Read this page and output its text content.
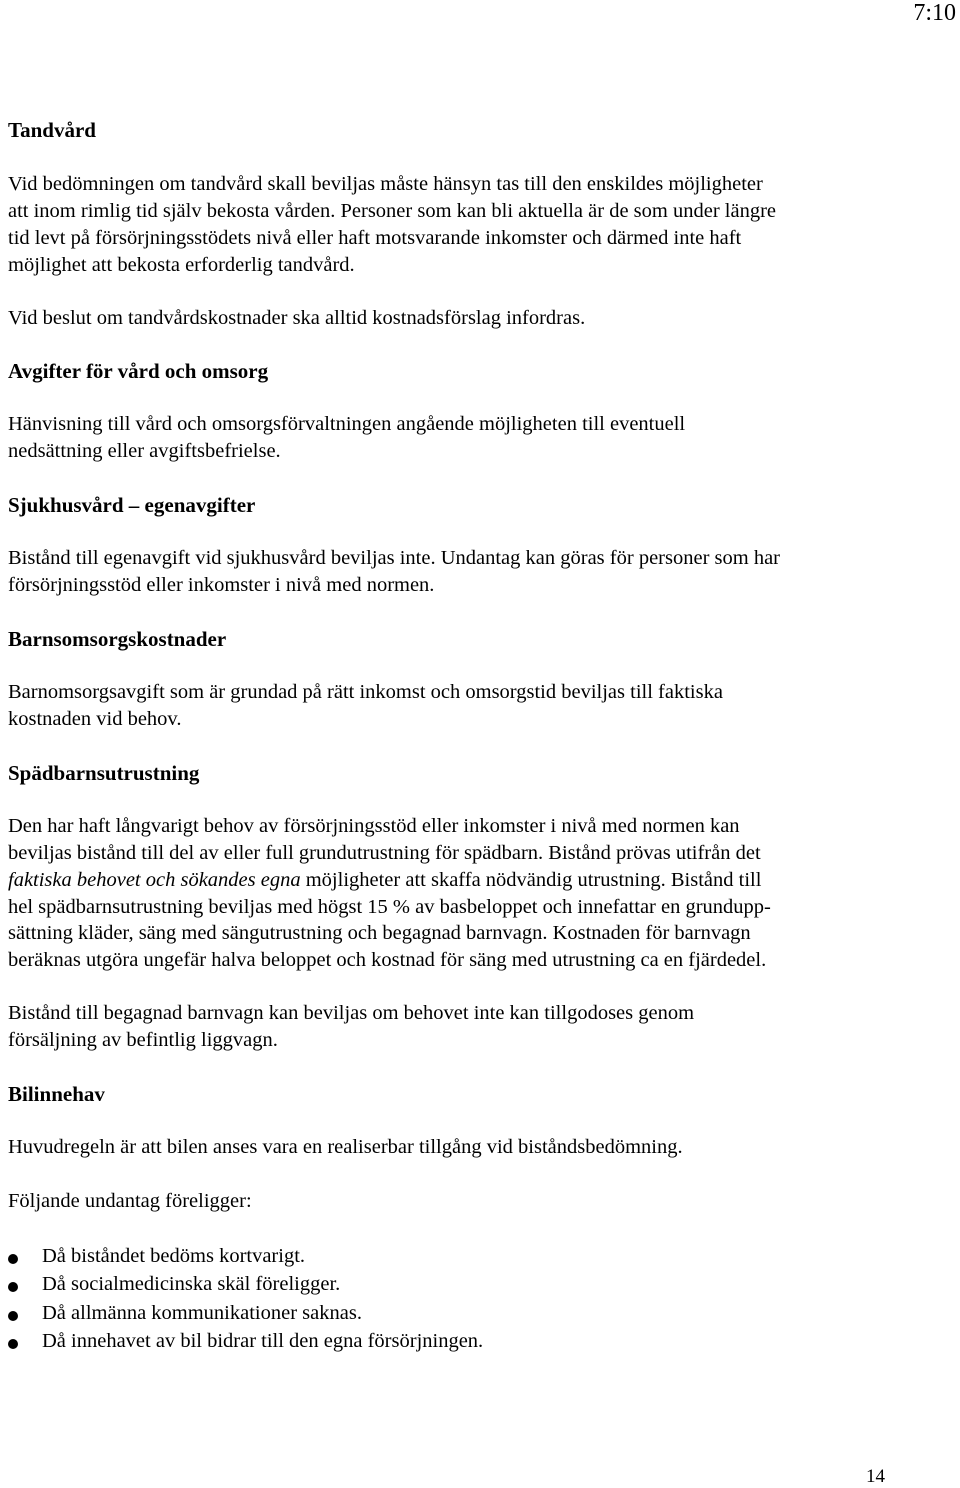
7:10
Tandvård
Vid bedömningen om tandvård skall beviljas måste hänsyn tas till den enskildes möjligheter
att inom rimlig tid själv bekosta vården. Personer som kan bli aktuella är de som under längre
tid levt på försörjningsstödets nivå eller haft motsvarande inkomster och därmed inte haft
möjlighet att bekosta erforderlig tandvård.
Vid beslut om tandvårdskostnader ska alltid kostnadsförslag infordras.
Avgifter för vård och omsorg
Hänvisning till vård och omsorgsförvaltningen angående möjligheten till eventuell
nedsättning eller avgiftsbefrielse.
Sjukhusvård – egenavgifter
Bistånd till egenavgift vid sjukhusvård beviljas inte. Undantag kan göras för personer som har
försörjningsstöd eller inkomster i nivå med normen.
Barnsomsorgskostnader
Barnomsorgsavgift som är grundad på rätt inkomst och omsorgstid beviljas till faktiska
kostnaden vid behov.
Spädbarnsutrustning
Den har haft långvarigt behov av försörjningsstöd eller inkomster i nivå med normen kan
beviljas bistånd till del av eller full grundutrustning för spädbarn. Bistånd prövas utifrån det
faktiska behovet och sökandes egna möjligheter att skaffa nödvändig utrustning. Bistånd till
hel spädbarnsutrustning beviljas med högst 15 % av basbeloppet och innefattar en grundupp-
sättning kläder, säng med sängutrustning och begagnad barnvagn. Kostnaden för barnvagn
beräknas utgöra ungefär halva beloppet och kostnad för säng med utrustning ca en fjärdedel.
Bistånd till begagnad barnvagn kan beviljas om behovet inte kan tillgodoses genom
försäljning av befintlig liggvagn.
Bilinnehav
Huvudregeln är att bilen anses vara en realiserbar tillgång vid biståndsbedömning.
Följande undantag föreligger:
Då biståndet bedöms kortvarigt.
Då socialmedicinska skäl föreligger.
Då allmänna kommunikationer saknas.
Då innehavet av bil bidrar till den egna försörjningen.
14
